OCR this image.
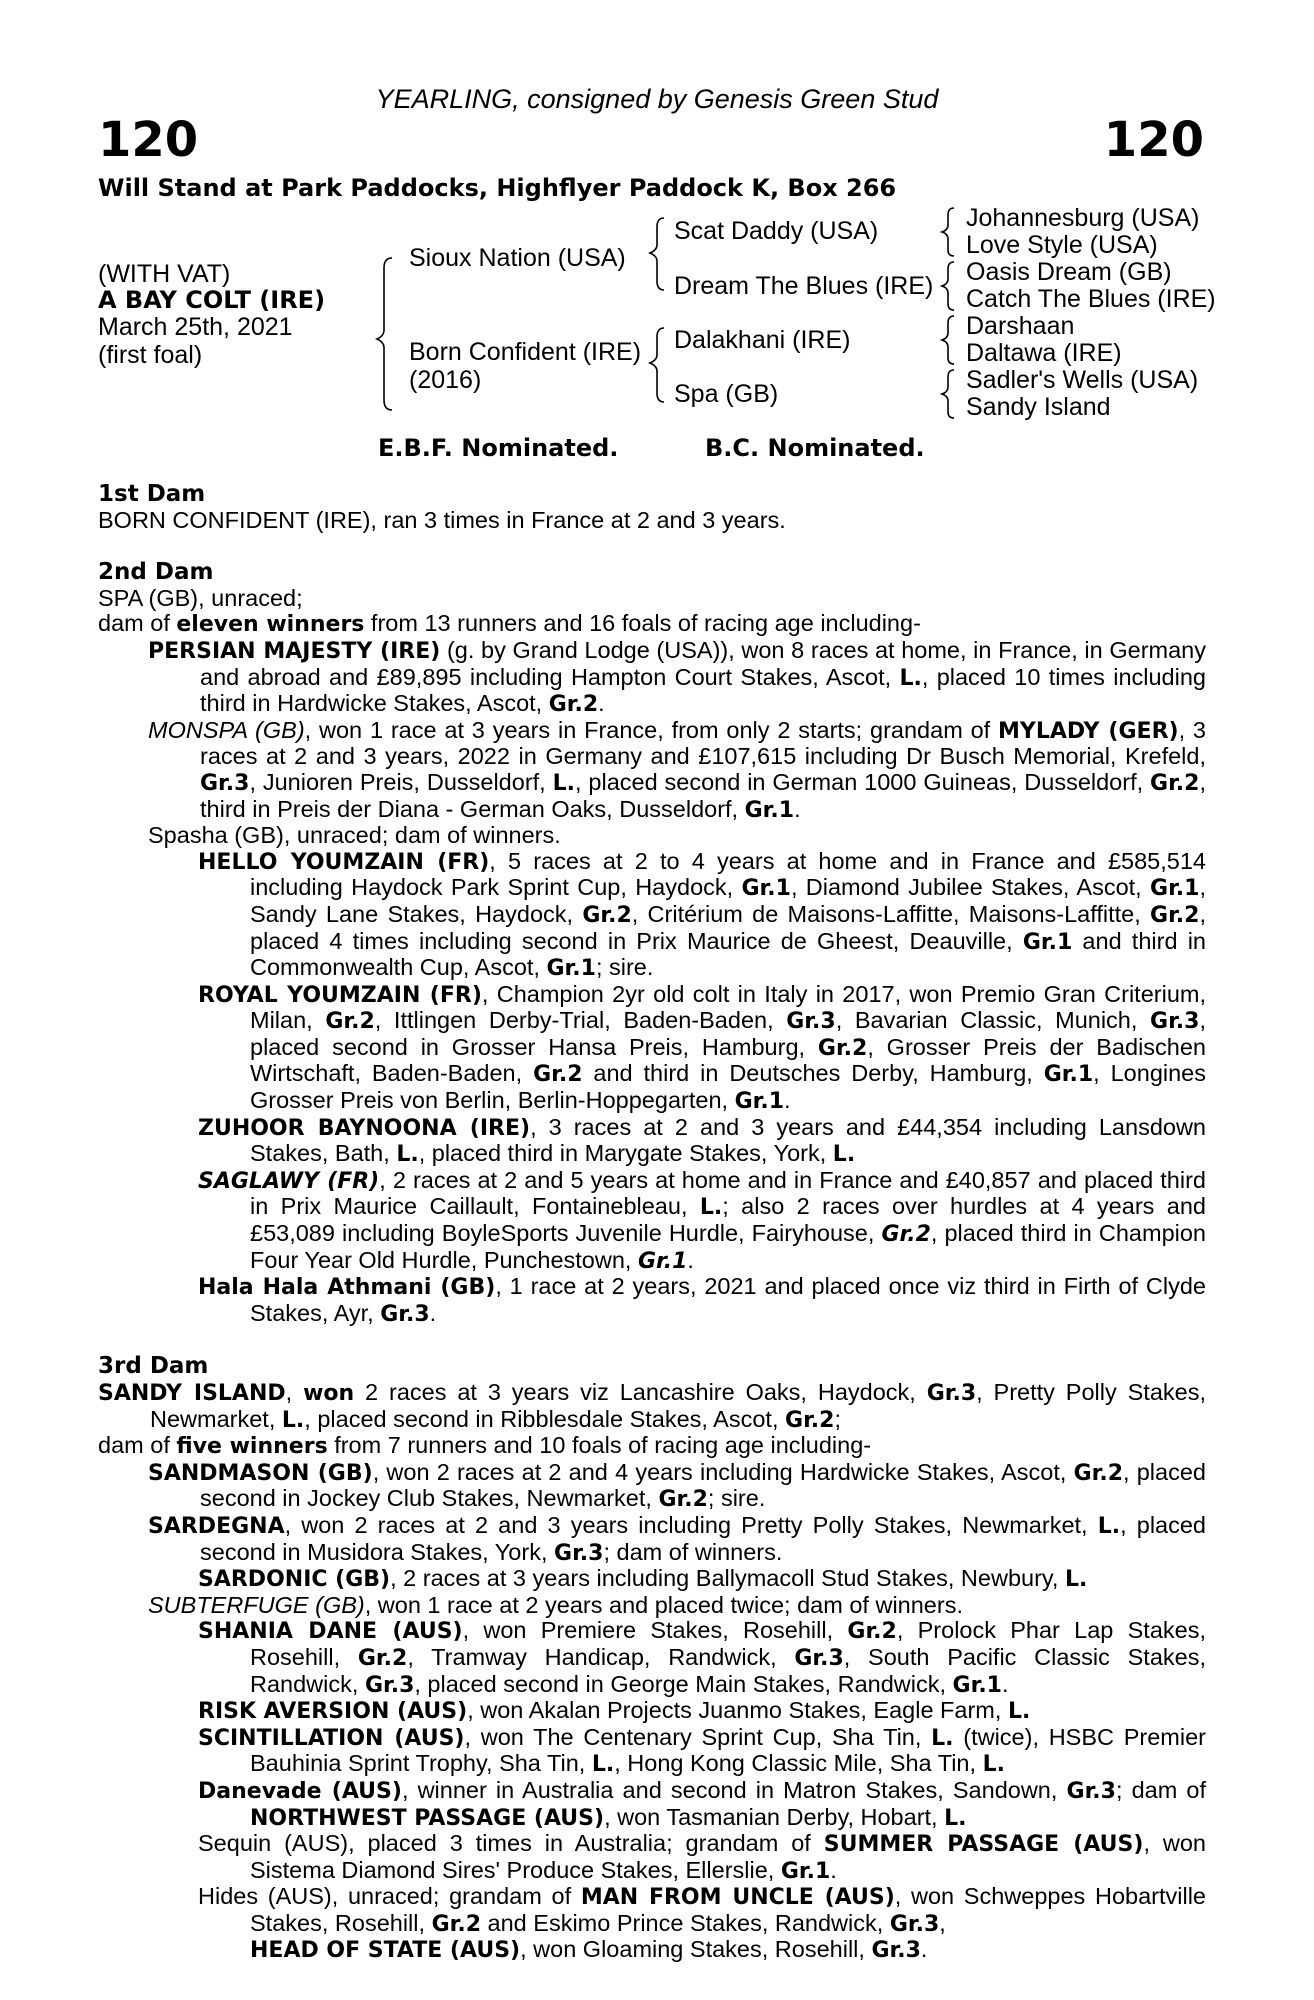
YEARLING, consigned by Genesis Green Stud
120	120
Will Stand at Park Paddocks, Highflyer Paddock K, Box 266
(WITH VAT)
A BAY COLT (IRE)
March 25th, 2021
(first foal)
Sioux Nation (USA)
Born Confident (IRE)
(2016)
Scat Daddy (USA)
Dream The Blues (IRE)
Dalakhani (IRE)
Spa (GB)
Johannesburg (USA)
Love Style (USA)
Oasis Dream (GB)
Catch The Blues (IRE)
Darshaan
Daltawa (IRE)
Sadler's Wells (USA)
Sandy Island
E.B.F. Nominated.	B.C. Nominated.

1st Dam

BORN CONFIDENT (IRE), ran 3 times in France at 2 and 3 years.

2nd Dam

SPA (GB), unraced;

dam of eleven winners from 13 runners and 16 foals of racing age including-

PERSIAN MAJESTY (IRE) (g. by Grand Lodge (USA)), won 8 races at home, in France, in Germany and abroad and £89,895 including Hampton Court Stakes, Ascot, L., placed 10 times including third in Hardwicke Stakes, Ascot, Gr.2.

MONSPA (GB), won 1 race at 3 years in France, from only 2 starts; grandam of MYLADY (GER), 3 races at 2 and 3 years, 2022 in Germany and £107,615 including Dr Busch Memorial, Krefeld, Gr.3, Junioren Preis, Dusseldorf, L., placed second in German 1000 Guineas, Dusseldorf, Gr.2, third in Preis der Diana - German Oaks, Dusseldorf, Gr.1.

Spasha (GB), unraced; dam of winners.

HELLO YOUMZAIN (FR), 5 races at 2 to 4 years at home and in France and £585,514 including Haydock Park Sprint Cup, Haydock, Gr.1, Diamond Jubilee Stakes, Ascot, Gr.1, Sandy Lane Stakes, Haydock, Gr.2, Critérium de Maisons-Laffitte, Maisons-Laffitte, Gr.2, placed 4 times including second in Prix Maurice de Gheest, Deauville, Gr.1 and third in Commonwealth Cup, Ascot, Gr.1; sire.

ROYAL YOUMZAIN (FR), Champion 2yr old colt in Italy in 2017, won Premio Gran Criterium, Milan, Gr.2, Ittlingen Derby-Trial, Baden-Baden, Gr.3, Bavarian Classic, Munich, Gr.3, placed second in Grosser Hansa Preis, Hamburg, Gr.2, Grosser Preis der Badischen Wirtschaft, Baden-Baden, Gr.2 and third in Deutsches Derby, Hamburg, Gr.1, Longines Grosser Preis von Berlin, Berlin-Hoppegarten, Gr.1.

ZUHOOR BAYNOONA (IRE), 3 races at 2 and 3 years and £44,354 including Lansdown Stakes, Bath, L., placed third in Marygate Stakes, York, L.

SAGLAWY (FR), 2 races at 2 and 5 years at home and in France and £40,857 and placed third in Prix Maurice Caillault, Fontainebleau, L.; also 2 races over hurdles at 4 years and £53,089 including BoyleSports Juvenile Hurdle, Fairyhouse, Gr.2, placed third in Champion Four Year Old Hurdle, Punchestown, Gr.1.

Hala Hala Athmani (GB), 1 race at 2 years, 2021 and placed once viz third in Firth of Clyde Stakes, Ayr, Gr.3.

3rd Dam

SANDY ISLAND, won 2 races at 3 years viz Lancashire Oaks, Haydock, Gr.3, Pretty Polly Stakes, Newmarket, L., placed second in Ribblesdale Stakes, Ascot, Gr.2;

dam of five winners from 7 runners and 10 foals of racing age including-

SANDMASON (GB), won 2 races at 2 and 4 years including Hardwicke Stakes, Ascot, Gr.2, placed second in Jockey Club Stakes, Newmarket, Gr.2; sire.

SARDEGNA, won 2 races at 2 and 3 years including Pretty Polly Stakes, Newmarket, L., placed second in Musidora Stakes, York, Gr.3; dam of winners.

SARDONIC (GB), 2 races at 3 years including Ballymacoll Stud Stakes, Newbury, L.

SUBTERFUGE (GB), won 1 race at 2 years and placed twice; dam of winners.

SHANIA DANE (AUS), won Premiere Stakes, Rosehill, Gr.2, Prolock Phar Lap Stakes, Rosehill, Gr.2, Tramway Handicap, Randwick, Gr.3, South Pacific Classic Stakes, Randwick, Gr.3, placed second in George Main Stakes, Randwick, Gr.1.

RISK AVERSION (AUS), won Akalan Projects Juanmo Stakes, Eagle Farm, L.

SCINTILLATION (AUS), won The Centenary Sprint Cup, Sha Tin, L. (twice), HSBC Premier Bauhinia Sprint Trophy, Sha Tin, L., Hong Kong Classic Mile, Sha Tin, L.

Danevade (AUS), winner in Australia and second in Matron Stakes, Sandown, Gr.3; dam of NORTHWEST PASSAGE (AUS), won Tasmanian Derby, Hobart, L.

Sequin (AUS), placed 3 times in Australia; grandam of SUMMER PASSAGE (AUS), won Sistema Diamond Sires' Produce Stakes, Ellerslie, Gr.1.

Hides (AUS), unraced; grandam of MAN FROM UNCLE (AUS), won Schweppes Hobartville Stakes, Rosehill, Gr.2 and Eskimo Prince Stakes, Randwick, Gr.3,
HEAD OF STATE (AUS), won Gloaming Stakes, Rosehill, Gr.3.
